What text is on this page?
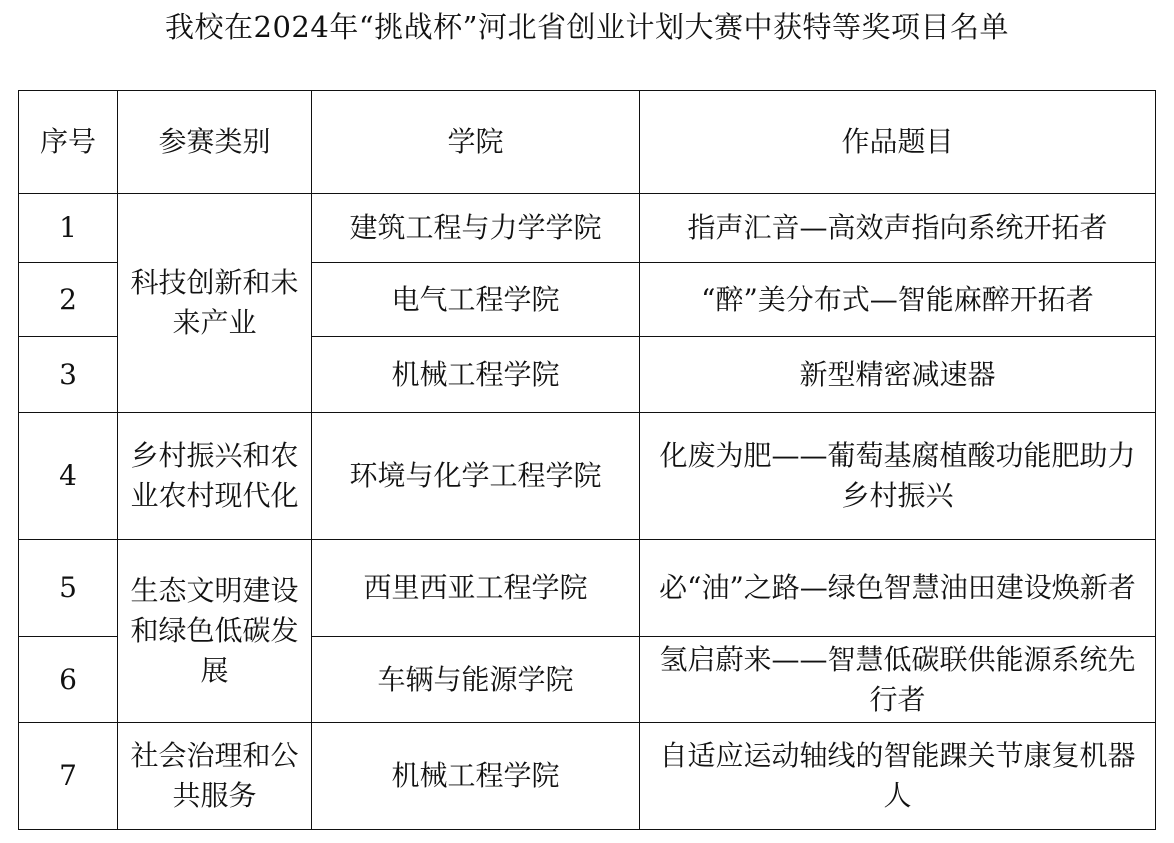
我校在2024年“挑战杯”河北省创业计划大赛中获特等奖项目名单
序号	参赛类别	学院	作品题目
1	科技创新和未来产业	建筑工程与力学学院	指声汇音—高效声指向系统开拓者
2		电气工程学院	“醉”美分布式—智能麻醉开拓者
3		机械工程学院	新型精密减速器
4	乡村振兴和农业农村现代化	环境与化学工程学院	化废为肥——葡萄基腐植酸功能肥助力乡村振兴
5	生态文明建设和绿色低碳发展	西里西亚工程学院	必“油”之路—绿色智慧油田建设焕新者
6		车辆与能源学院	氢启蔚来——智慧低碳联供能源系统先行者
7	社会治理和公共服务	机械工程学院	自适应运动轴线的智能踝关节康复机器人
